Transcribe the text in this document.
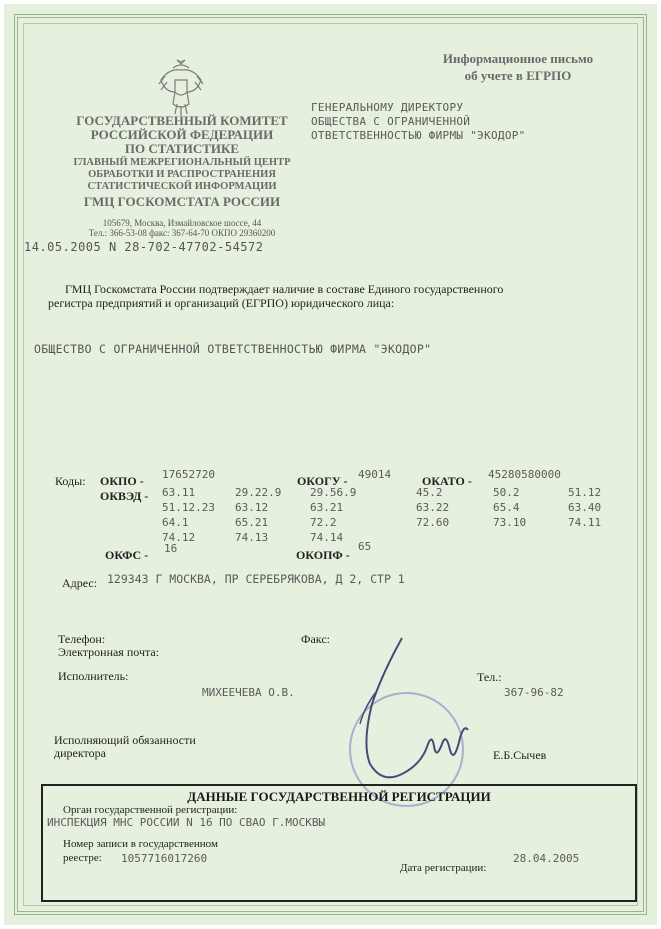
ГОСУДАРСТВЕННЫЙ КОМИТЕТ
РОССИЙСКОЙ ФЕДЕРАЦИИ
ПО СТАТИСТИКЕ
ГЛАВНЫЙ МЕЖРЕГИОНАЛЬНЫЙ ЦЕНТР
ОБРАБОТКИ И РАСПРОСТРАНЕНИЯ
СТАТИСТИЧЕСКОЙ ИНФОРМАЦИИ
ГМЦ ГОСКОМСТАТА РОССИИ
105679, Москва, Измайловское шоссе, 44
Тел.: 366-53-08 факс: 367-64-70 ОКПО 29360200
14.05.2005 N 28-702-47702-54572
Информационное письмо
об учете в ЕГРПО
ГЕНЕРАЛЬНОМУ ДИРЕКТОРУ
ОБЩЕСТВА С ОГРАНИЧЕННОЙ
ОТВЕТСТВЕННОСТЬЮ ФИРМЫ "ЭКОДОР"
ГМЦ Госкомстата России подтверждает наличие в составе Единого государственного
регистра предприятий и организаций (ЕГРПО) юридического лица:
ОБЩЕСТВО С ОГРАНИЧЕННОЙ ОТВЕТСТВЕННОСТЬЮ ФИРМА "ЭКОДОР"
Коды: ОКПО - 17652720	ОКОГУ - 49014	ОКАТО - 45280580000
ОКВЭД - 63.11	29.22.9	29.56.9	45.2	50.2	51.12
51.12.23	63.12	63.21	63.22	65.4	63.40
64.1	65.21	72.2	72.60	73.10	74.11
74.12	74.13	74.14
ОКФС - 16	ОКОПФ -
65
Адрес: 129343 Г МОСКВА, ПР СЕРЕБРЯКОВА, Д 2, СТР 1
Телефон:
Электронная почта:
Факс:
Исполнитель:
МИХЕЕЧЕВА О.В.
Тел.:
367-96-82
Исполняющий обязанности
директора	Е.Б.Сычев
ДАННЫЕ ГОСУДАРСТВЕННОЙ РЕГИСТРАЦИИ
Орган государственной регистрации:
ИНСПЕКЦИЯ МНС РОССИИ N 16 ПО СВАО Г.МОСКВЫ
Номер записи в государственном
реестре: 1057716017260
Дата регистрации:
28.04.2005
